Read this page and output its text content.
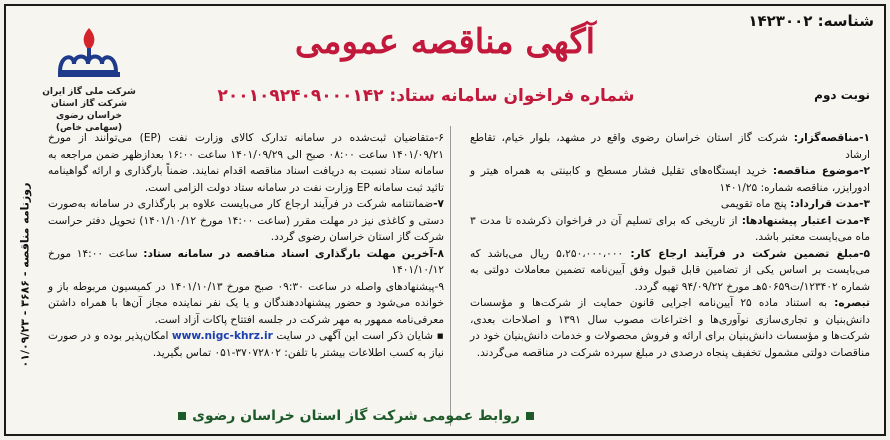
شناسه: ۱۴۲۳۰۰۲
آگهی مناقصه عمومی
شرکت ملی گاز ایران
شرکت گاز استان خراسان رضوی
(سهامی خاص)
شماره فراخوان سامانه ستاد: ۲۰۰۱۰۹۲۴۰۹۰۰۰۱۴۲	نوبت دوم

۱-مناقصه‌گزار: شرکت گاز استان خراسان رضوی واقع در مشهد، بلوار خیام، تقاطع ارشاد

۲-موضوع مناقصه: خرید ایستگاه‌های تقلیل فشار مسطح و کابینتی به همراه هیتر و ادورایزر، مناقصه شماره: ۱۴۰۱/۲۵

۳-مدت قرارداد: پنج ماه تقویمی

۴-مدت اعتبار پیشنهادها: از تاریخی که برای تسلیم آن در فراخوان ذکرشده تا مدت ۳ ماه می‌بایست معتبر باشد.

۵-مبلغ تضمین شرکت در فرآیند ارجاع کار: ۵،۲۵۰،۰۰۰،۰۰۰ ریال می‌باشد که می‌بایست بر اساس یکی از تضامین قابل قبول وفق آیین‌نامه تضمین معاملات دولتی به شماره ۱۲۳۴۰۲/ت۵۰۶۵۹هـ مورخ ۹۴/۰۹/۲۲ تهیه گردد.

تبصره: به استناد ماده ۲۵ آیین‌نامه اجرایی قانون حمایت از شرکت‌ها و مؤسسات دانش‌بنیان و تجاری‌سازی نوآوری‌ها و اختراعات مصوب سال ۱۳۹۱ و اصلاحات بعدی، شرکت‌ها و مؤسسات دانش‌بنیان برای ارائه و فروش محصولات و خدمات دانش‌بنیان خود در مناقصات دولتی مشمول تخفیف پنجاه درصدی در مبلغ سپرده شرکت در مناقصه می‌گردند.

۶-متقاضیان ثبت‌شده در سامانه تدارک کالای وزارت نفت (EP) می‌توانند از مورخ ۱۴۰۱/۰۹/۲۱ ساعت ۰۸:۰۰ صبح الی ۱۴۰۱/۰۹/۲۹ ساعت ۱۶:۰۰ بعدازظهر ضمن مراجعه به سامانه ستاد نسبت به دریافت اسناد مناقصه اقدام نمایند. ضمناً بارگذاری و ارائه گواهینامه تائید ثبت سامانه EP وزارت نفت در سامانه ستاد دولت الزامی است.

۷-ضمانتنامه شرکت در فرآیند ارجاع کار می‌بایست علاوه بر بارگذاری در سامانه به‌صورت دستی و کاغذی نیز در مهلت مقرر (ساعت ۱۴:۰۰ مورخ ۱۴۰۱/۱۰/۱۲) تحویل دفتر حراست شرکت گاز استان خراسان رضوی گردد.

۸-آخرین مهلت بارگذاری اسناد مناقصه در سامانه ستاد: ساعت ۱۴:۰۰ مورخ ۱۴۰۱/۱۰/۱۲

۹-پیشنهادهای واصله در ساعت ۰۹:۳۰ صبح مورخ ۱۴۰۱/۱۰/۱۳ در کمیسیون مربوطه باز و خوانده می‌شود و حضور پیشنهاددهندگان و یا یک نفر نماینده مجاز آن‌ها با همراه داشتن معرفی‌نامه ممهور به مهر شرکت در جلسه افتتاح پاکات آزاد است.

▪ شایان ذکر است این آگهی در سایت www.nigc-khrz.ir امکان‌پذیر بوده و در صورت نیاز به کسب اطلاعات بیشتر با تلفن: ۳۷۰۷۲۸۰۲-۰۵۱ تماس بگیرید.

روزنامه مناقصه - ۳۶۸۶ - ۰۱/۰۹/۲۳
روابط عمومی شرکت گاز استان خراسان رضوی
